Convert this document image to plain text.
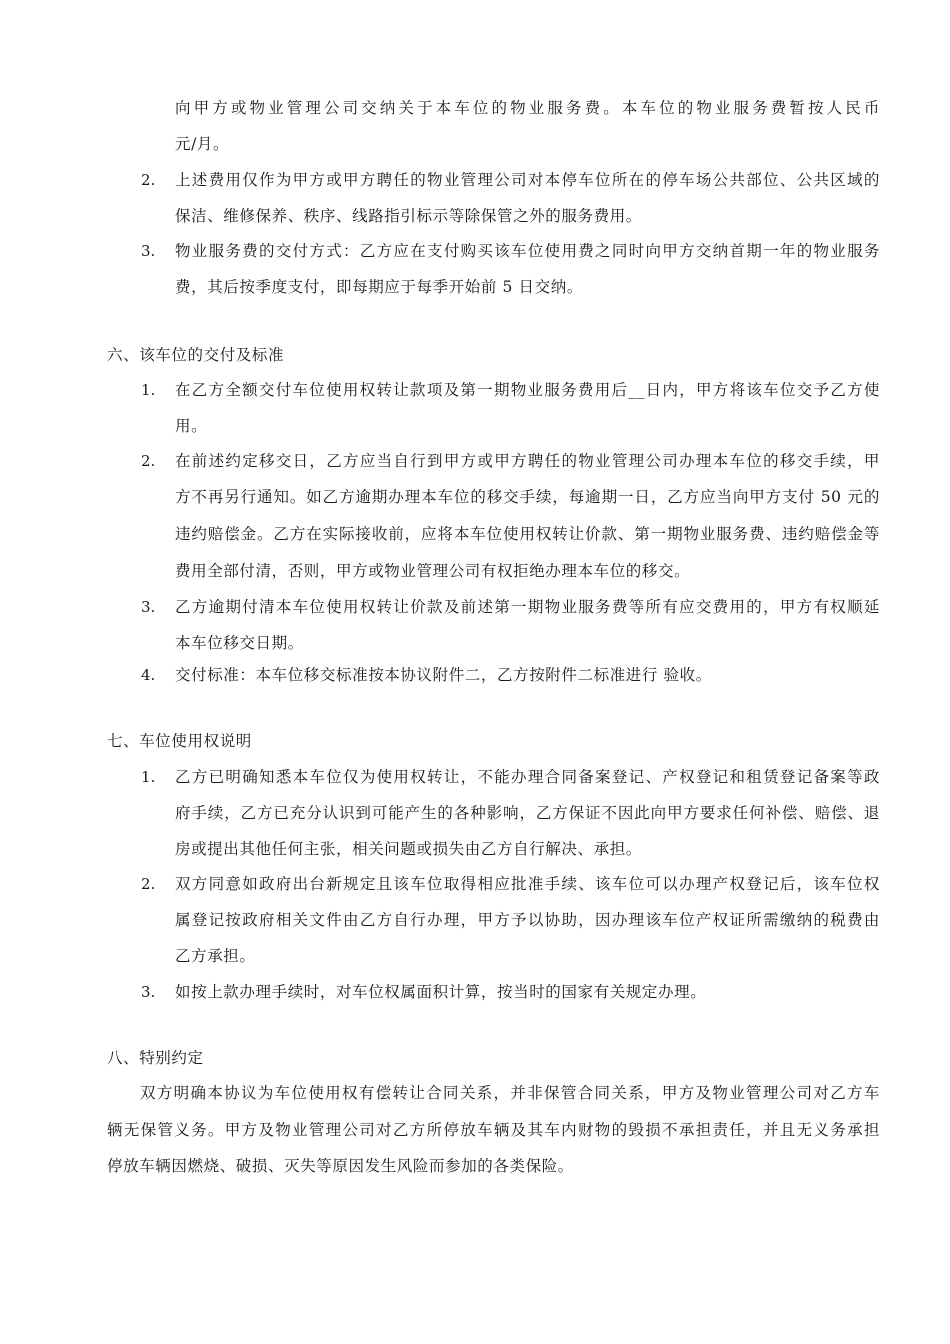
向甲方或物业管理公司交纳关于本车位的物业服务费。本车位的物业服务费暂按人民币
元/月。
2. 上述费用仅作为甲方或甲方聘任的物业管理公司对本停车位所在的停车场公共部位、公共区域的
保洁、维修保养、秩序、线路指引标示等除保管之外的服务费用。
3. 物业服务费的交付方式：乙方应在支付购买该车位使用费之同时向甲方交纳首期一年的物业服务
费，其后按季度支付，即每期应于每季开始前 5 日交纳。
六、该车位的交付及标准
1. 在乙方全额交付车位使用权转让款项及第一期物业服务费用后__日内，甲方将该车位交予乙方使
用。
2. 在前述约定移交日，乙方应当自行到甲方或甲方聘任的物业管理公司办理本车位的移交手续，甲
方不再另行通知。如乙方逾期办理本车位的移交手续，每逾期一日，乙方应当向甲方支付 50 元的
违约赔偿金。乙方在实际接收前，应将本车位使用权转让价款、第一期物业服务费、违约赔偿金等
费用全部付清，否则，甲方或物业管理公司有权拒绝办理本车位的移交。
3. 乙方逾期付清本车位使用权转让价款及前述第一期物业服务费等所有应交费用的，甲方有权顺延
本车位移交日期。
4. 交付标准：本车位移交标准按本协议附件二，乙方按附件二标准进行 验收。
七、车位使用权说明
1. 乙方已明确知悉本车位仅为使用权转让，不能办理合同备案登记、产权登记和租赁登记备案等政
府手续，乙方已充分认识到可能产生的各种影响，乙方保证不因此向甲方要求任何补偿、赔偿、退
房或提出其他任何主张，相关问题或损失由乙方自行解决、承担。
2. 双方同意如政府出台新规定且该车位取得相应批准手续、该车位可以办理产权登记后，该车位权
属登记按政府相关文件由乙方自行办理，甲方予以协助，因办理该车位产权证所需缴纳的税费由
乙方承担。
3. 如按上款办理手续时，对车位权属面积计算，按当时的国家有关规定办理。
八、特别约定
双方明确本协议为车位使用权有偿转让合同关系，并非保管合同关系，甲方及物业管理公司对乙方车
辆无保管义务。甲方及物业管理公司对乙方所停放车辆及其车内财物的毁损不承担责任，并且无义务承担
停放车辆因燃烧、破损、灭失等原因发生风险而参加的各类保险。
